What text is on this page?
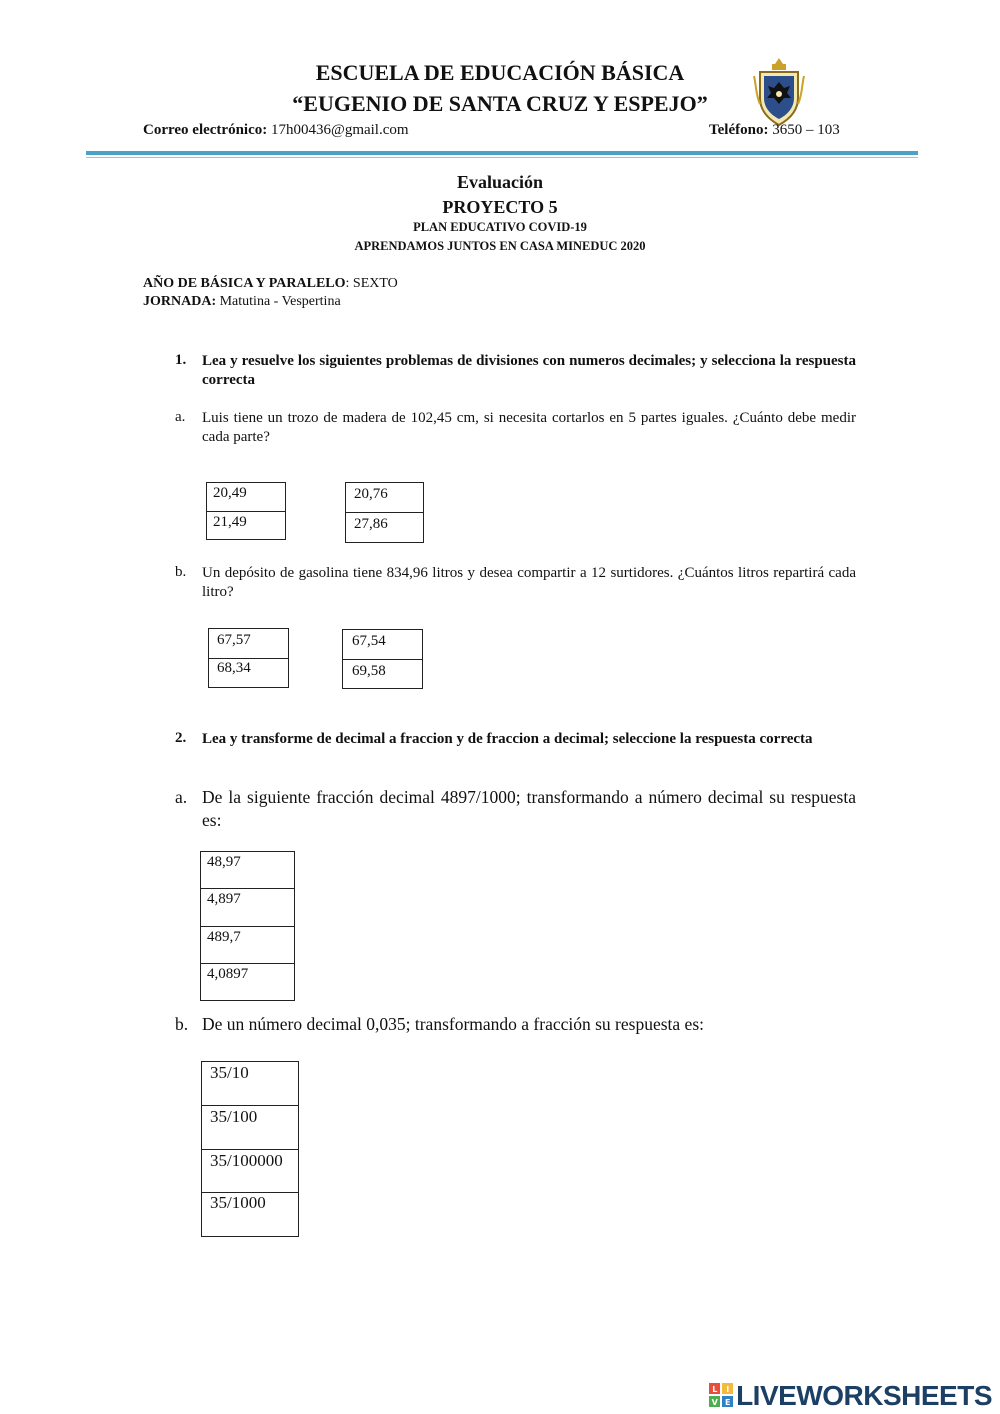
ESCUELA DE EDUCACIÓN BÁSICA
“EUGENIO DE SANTA CRUZ Y ESPEJO”
Correo electrónico: 17h00436@gmail.com	Teléfono: 3650 – 103
Evaluación
PROYECTO 5
PLAN EDUCATIVO COVID-19
APRENDAMOS JUNTOS EN CASA MINEDUC 2020
AÑO DE BÁSICA Y PARALELO: SEXTO
JORNADA: Matutina - Vespertina
1. Lea y resuelve los siguientes problemas de divisiones con numeros decimales; y selecciona la respuesta correcta
a. Luis tiene un trozo de madera de 102,45 cm, si necesita cortarlos en 5 partes iguales. ¿Cuánto debe medir cada parte?
20,49
21,49
20,76
27,86
b. Un depósito de gasolina tiene 834,96 litros y desea compartir a 12 surtidores. ¿Cuántos litros repartirá cada litro?
67,57
68,34
67,54
69,58
2. Lea y transforme de decimal a fraccion y de fraccion a decimal; seleccione la respuesta correcta
a. De la siguiente fracción decimal 4897/1000; transformando a número decimal su respuesta es:
48,97
4,897
489,7
4,0897
b. De un número decimal 0,035; transformando a fracción su respuesta es:
35/10
35/100
35/100000
35/1000
L I
V E LIVEWORKSHEETS
